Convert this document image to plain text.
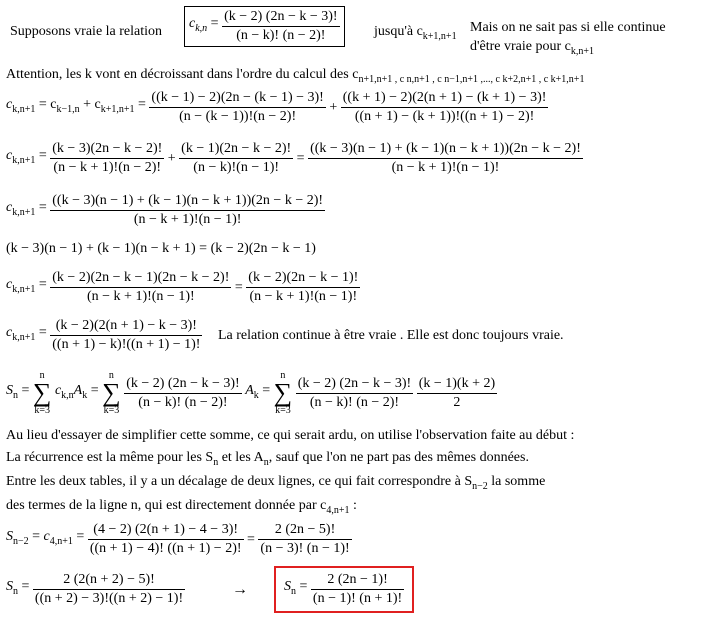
Supposons vraie la relation
$c_{k,n} = \frac{(k - 2) (2n - k - 3)!}{(n - k)! (n - 2)!}$ jusqu'à $c_{k+1,n+1}$
Mais on ne sait pas si elle continue
d'être vraie pour $c_{k,n+1}$
Attention, les k vont en décroissant dans l'ordre du calcul des $c_{n+1,n+1 , c n,n+1 , c n-1,n+1 ,..., c k+2,n+1 , c k+1,n+1}$
$c_{k,n+1} = c_{k-1,n} + c_{k+1,n+1} = \frac{((k - 1) - 2)(2n - (k - 1) - 3)!}{(n - (k - 1))!(n - 2)!} + \frac{((k + 1) - 2)(2(n + 1) - (k + 1) - 3)!}{((n + 1) - (k + 1))!((n + 1) - 2)!}$
$c_{k,n+1} = \frac{(k - 3)(2n - k - 2)!}{(n - k + 1)!(n - 2)!} + \frac{(k - 1)(2n - k - 2)!}{(n - k)!(n - 1)!} = \frac{((k - 3)(n - 1) + (k - 1)(n - k + 1))(2n - k - 2)!}{(n - k + 1)!(n - 1)!}$
$c_{k,n+1} = \frac{((k - 3)(n - 1) + (k - 1)(n - k + 1))(2n - k - 2)!}{(n - k + 1)!(n - 1)!}$
(k − 3)(n − 1) + (k − 1)(n − k + 1) = (k − 2)(2n − k − 1)
$c_{k,n+1} = \frac{(k - 2)(2n - k - 1)(2n - k - 2)!}{(n - k + 1)!(n - 1)!} = \frac{(k - 2)(2n - k - 1)!}{(n - k + 1)!(n - 1)!}$
$c_{k,n+1} = \frac{(k - 2)(2(n + 1) - k - 3)!}{((n + 1) - k)!((n + 1) - 1)!}$ La relation continue à être vraie . Elle est donc toujours vraie.
$S_n$ =
n
∑
k=3
$c_{k,n}A_k$ =
n
∑
k=3
$\frac{(k - 2) (2n - k - 3)!}{(n - k)! (n - 2)!} A_k$ =
n
∑
k=3
$\frac{(k - 2) (2n - k - 3)!}{(n - k)! (n - 2)!}$
$\frac{(k - 1)(k + 2)}{2}$
Au lieu d'essayer de simplifier cette somme, ce qui serait ardu, on utilise l'observation faite au début :
La récurrence est la même pour les $S_n$ et les $A_n$, sauf que l'on ne part pas des mêmes données.
Entre les deux tables, il y a un décalage de deux lignes, ce qui fait correspondre à $S_{n-2}$ la somme
des termes de la ligne n, qui est directement donnée par $c_{4,n+1}$ :
$S_{n-2} = c_{4,n+1} = \frac{(4 - 2) (2(n + 1) - 4 - 3)!}{((n + 1) - 4)! ((n + 1) - 2)!} = \frac{2 (2n - 5)!}{(n - 3)! (n - 1)!}$
$S_n = \frac{2 (2(n + 2) - 5)!}{((n + 2) - 3)!((n + 2) - 1)!}$	→	$S_n = \frac{2 (2n - 1)!}{(n - 1)! (n + 1)!}$
